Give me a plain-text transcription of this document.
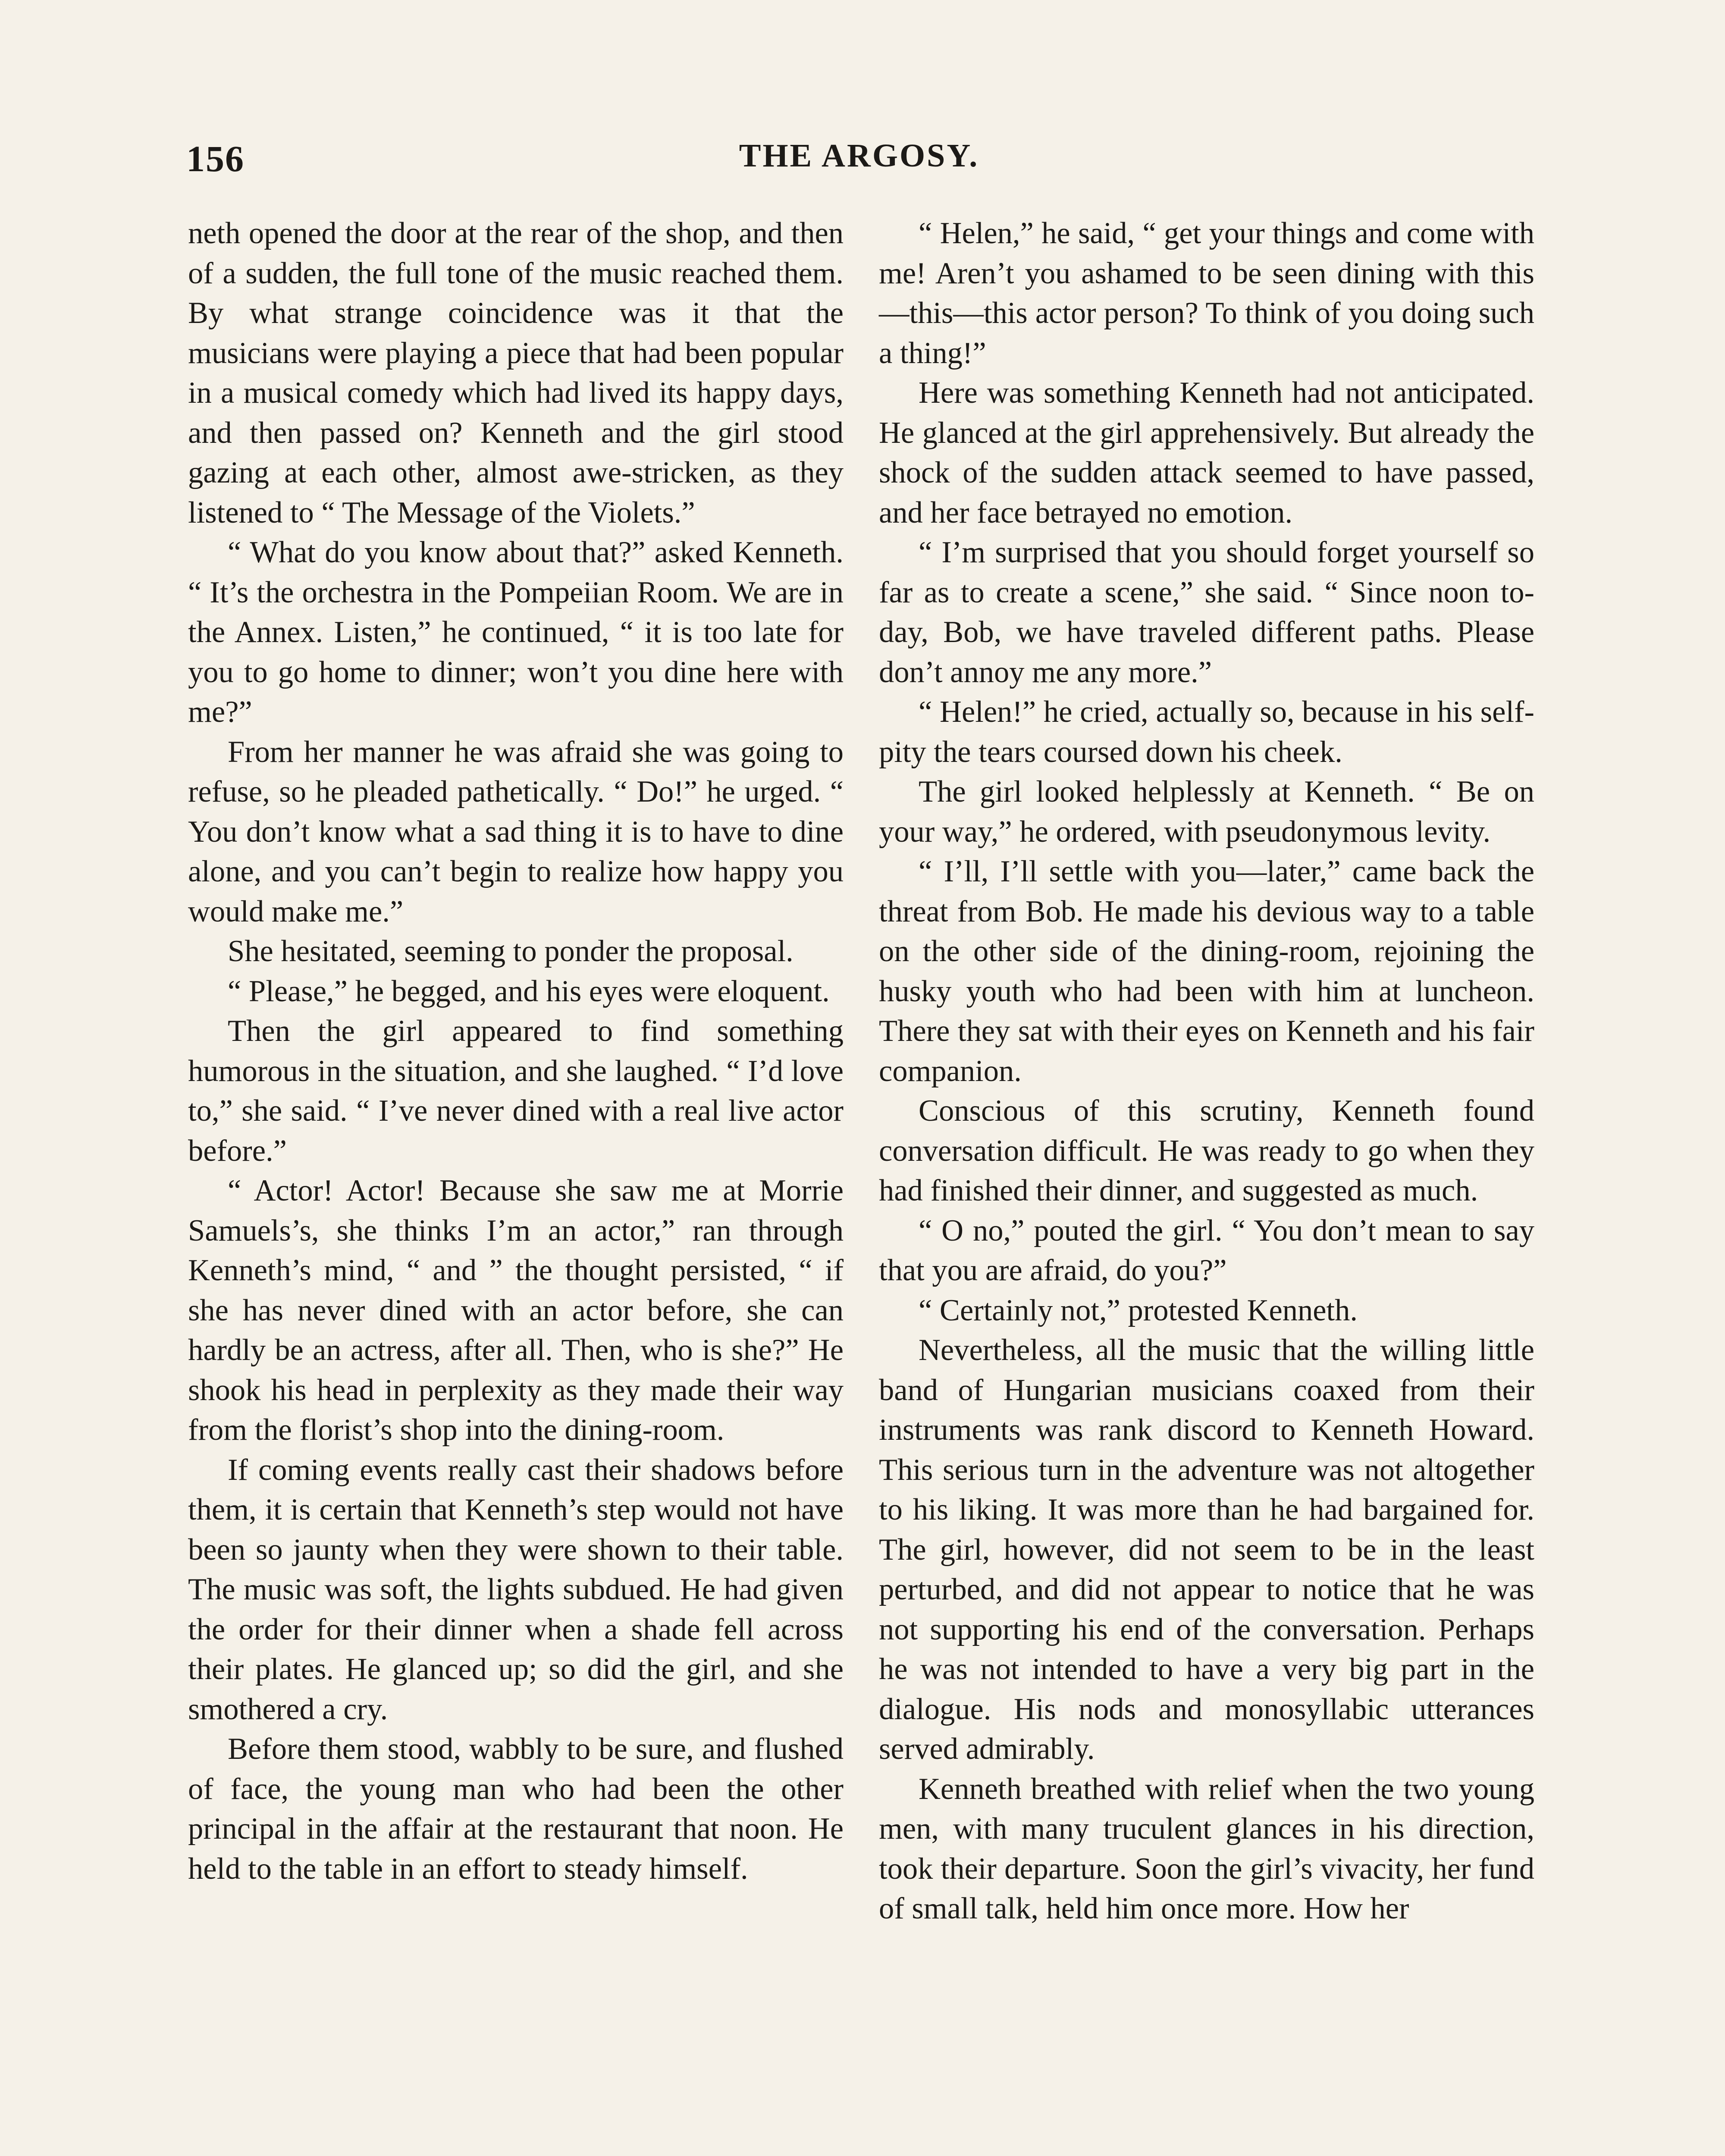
156	THE ARGOSY.

neth opened the door at the rear of the shop, and then of a sudden, the full tone of the music reached them. By what strange coincidence was it that the musicians were playing a piece that had been popular in a musical comedy which had lived its happy days, and then passed on? Kenneth and the girl stood gazing at each other, almost awe-stricken, as they listened to “ The Message of the Violets.”

“ What do you know about that?” asked Kenneth. “ It’s the orchestra in the Pompeiian Room. We are in the Annex. Listen,” he continued, “ it is too late for you to go home to dinner; won’t you dine here with me?”

From her manner he was afraid she was going to refuse, so he pleaded pathetically. “ Do!” he urged. “ You don’t know what a sad thing it is to have to dine alone, and you can’t begin to realize how happy you would make me.”

She hesitated, seeming to ponder the proposal.

“ Please,” he begged, and his eyes were eloquent.

Then the girl appeared to find something humorous in the situation, and she laughed. “ I’d love to,” she said. “ I’ve never dined with a real live actor before.”

“ Actor! Actor! Because she saw me at Morrie Samuels’s, she thinks I’m an actor,” ran through Kenneth’s mind, “ and ” the thought persisted, “ if she has never dined with an actor before, she can hardly be an actress, after all. Then, who is she?” He shook his head in perplexity as they made their way from the florist’s shop into the dining-room.

If coming events really cast their shadows before them, it is certain that Kenneth’s step would not have been so jaunty when they were shown to their table. The music was soft, the lights subdued. He had given the order for their dinner when a shade fell across their plates. He glanced up; so did the girl, and she smothered a cry.

Before them stood, wabbly to be sure, and flushed of face, the young man who had been the other principal in the affair at the restaurant that noon. He held to the table in an effort to steady himself.

“ Helen,” he said, “ get your things and come with me! Aren’t you ashamed to be seen dining with this—this—this actor person? To think of you doing such a thing!”

Here was something Kenneth had not anticipated. He glanced at the girl apprehensively. But already the shock of the sudden attack seemed to have passed, and her face betrayed no emotion.

“ I’m surprised that you should forget yourself so far as to create a scene,” she said. “ Since noon to-day, Bob, we have traveled different paths. Please don’t annoy me any more.”

“ Helen!” he cried, actually so, because in his self-pity the tears coursed down his cheek.

The girl looked helplessly at Kenneth. “ Be on your way,” he ordered, with pseudonymous levity.

“ I’ll, I’ll settle with you—later,” came back the threat from Bob. He made his devious way to a table on the other side of the dining-room, rejoining the husky youth who had been with him at luncheon. There they sat with their eyes on Kenneth and his fair companion.

Conscious of this scrutiny, Kenneth found conversation difficult. He was ready to go when they had finished their dinner, and suggested as much.

“ O no,” pouted the girl. “ You don’t mean to say that you are afraid, do you?”

“ Certainly not,” protested Kenneth.

Nevertheless, all the music that the willing little band of Hungarian musicians coaxed from their instruments was rank discord to Kenneth Howard. This serious turn in the adventure was not altogether to his liking. It was more than he had bargained for. The girl, however, did not seem to be in the least perturbed, and did not appear to notice that he was not supporting his end of the conversation. Perhaps he was not intended to have a very big part in the dialogue. His nods and monosyllabic utterances served admirably.

Kenneth breathed with relief when the two young men, with many truculent glances in his direction, took their departure. Soon the girl’s vivacity, her fund of small talk, held him once more. How her
